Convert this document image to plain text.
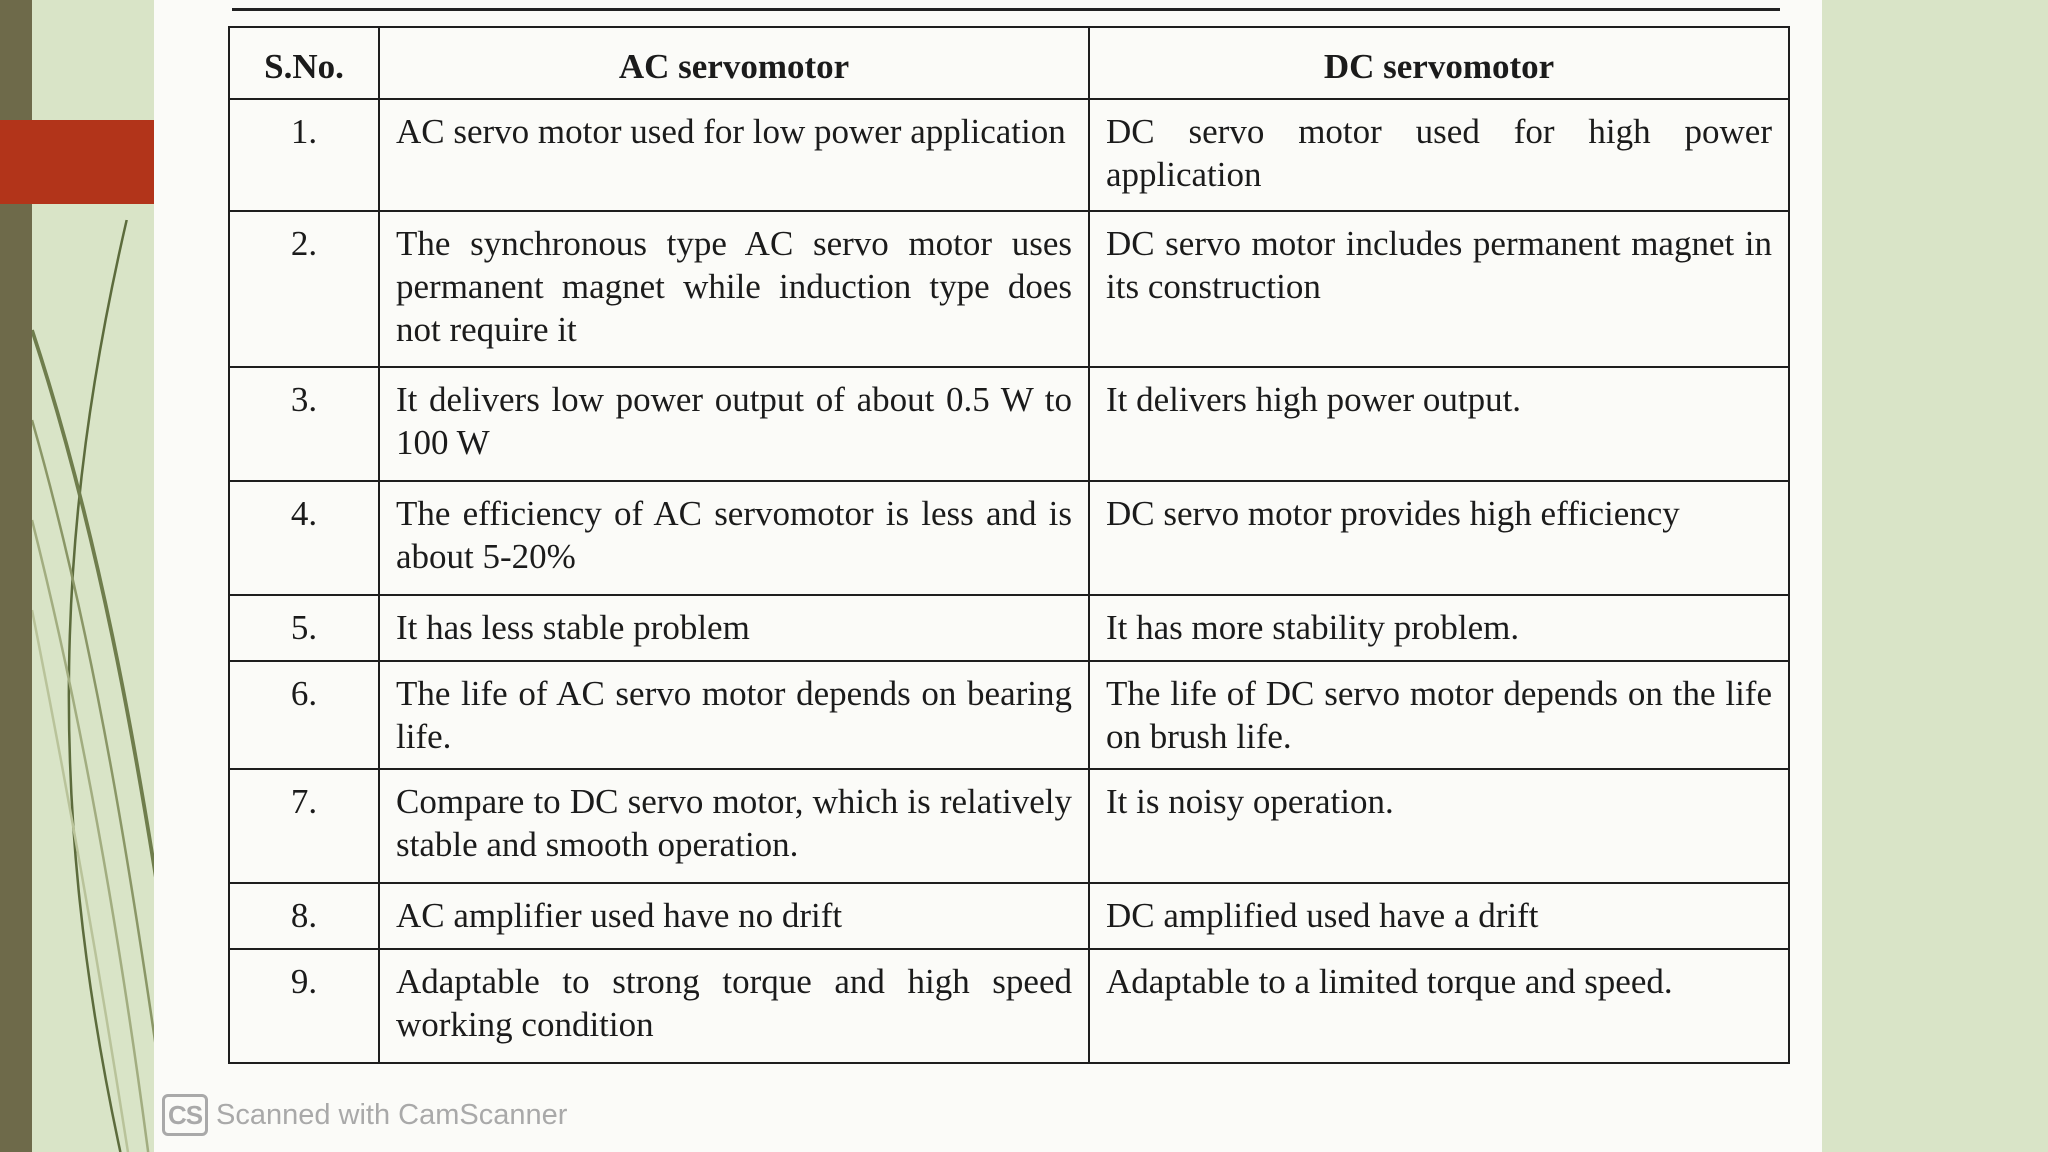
S.No.	AC servomotor	DC servomotor
1.	AC servo motor used for low power application	DC servo motor used for high power application
2.	The synchronous type AC servo motor uses permanent magnet while induction type does not require it	DC servo motor includes permanent magnet in its construction
3.	It delivers low power output of about 0.5 W to 100 W	It delivers high power output.
4.	The efficiency of AC servomotor is less and is about 5-20%	DC servo motor provides high efficiency
5.	It has less stable problem	It has more stability problem.
6.	The life of AC servo motor depends on bearing life.	The life of DC servo motor depends on the life on brush life.
7.	Compare to DC servo motor, which is relatively stable and smooth operation.	It is noisy operation.
8.	AC amplifier used have no drift	DC amplified used have a drift
9.	Adaptable to strong torque and high speed working condition	Adaptable to a limited torque and speed.
CS Scanned with CamScanner
